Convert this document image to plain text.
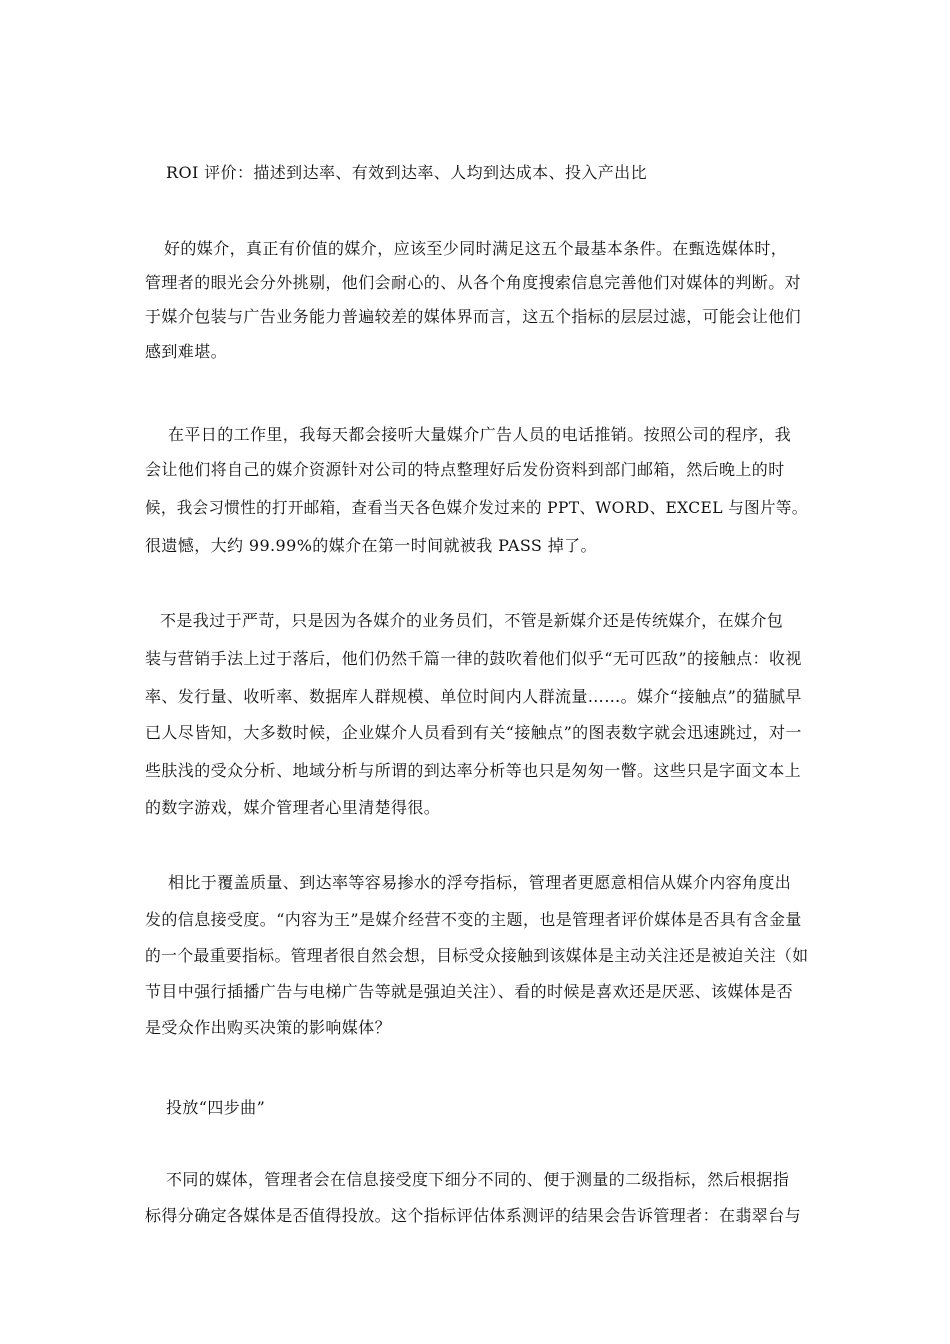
ROI 评价：描述到达率、有效到达率、人均到达成本、投入产出比
好的媒介，真正有价值的媒介，应该至少同时满足这五个最基本条件。在甄选媒体时，
管理者的眼光会分外挑剔，他们会耐心的、从各个角度搜索信息完善他们对媒体的判断。对
于媒介包装与广告业务能力普遍较差的媒体界而言，这五个指标的层层过滤，可能会让他们
感到难堪。
在平日的工作里，我每天都会接听大量媒介广告人员的电话推销。按照公司的程序，我
会让他们将自己的媒介资源针对公司的特点整理好后发份资料到部门邮箱，然后晚上的时
候，我会习惯性的打开邮箱，查看当天各色媒介发过来的 PPT、WORD、EXCEL 与图片等。
很遗憾，大约 99.99%的媒介在第一时间就被我 PASS 掉了。
不是我过于严苛，只是因为各媒介的业务员们，不管是新媒介还是传统媒介，在媒介包
装与营销手法上过于落后，他们仍然千篇一律的鼓吹着他们似乎“无可匹敌”的接触点：收视
率、发行量、收听率、数据库人群规模、单位时间内人群流量……。媒介“接触点”的猫腻早
已人尽皆知，大多数时候，企业媒介人员看到有关“接触点”的图表数字就会迅速跳过，对一
些肤浅的受众分析、地域分析与所谓的到达率分析等也只是匆匆一瞥。这些只是字面文本上
的数字游戏，媒介管理者心里清楚得很。
相比于覆盖质量、到达率等容易掺水的浮夸指标，管理者更愿意相信从媒介内容角度出
发的信息接受度。“内容为王”是媒介经营不变的主题，也是管理者评价媒体是否具有含金量
的一个最重要指标。管理者很自然会想，目标受众接触到该媒体是主动关注还是被迫关注（如
节目中强行插播广告与电梯广告等就是强迫关注）、看的时候是喜欢还是厌恶、该媒体是否
是受众作出购买决策的影响媒体？
投放“四步曲”
不同的媒体，管理者会在信息接受度下细分不同的、便于测量的二级指标，然后根据指
标得分确定各媒体是否值得投放。这个指标评估体系测评的结果会告诉管理者：在翡翠台与
